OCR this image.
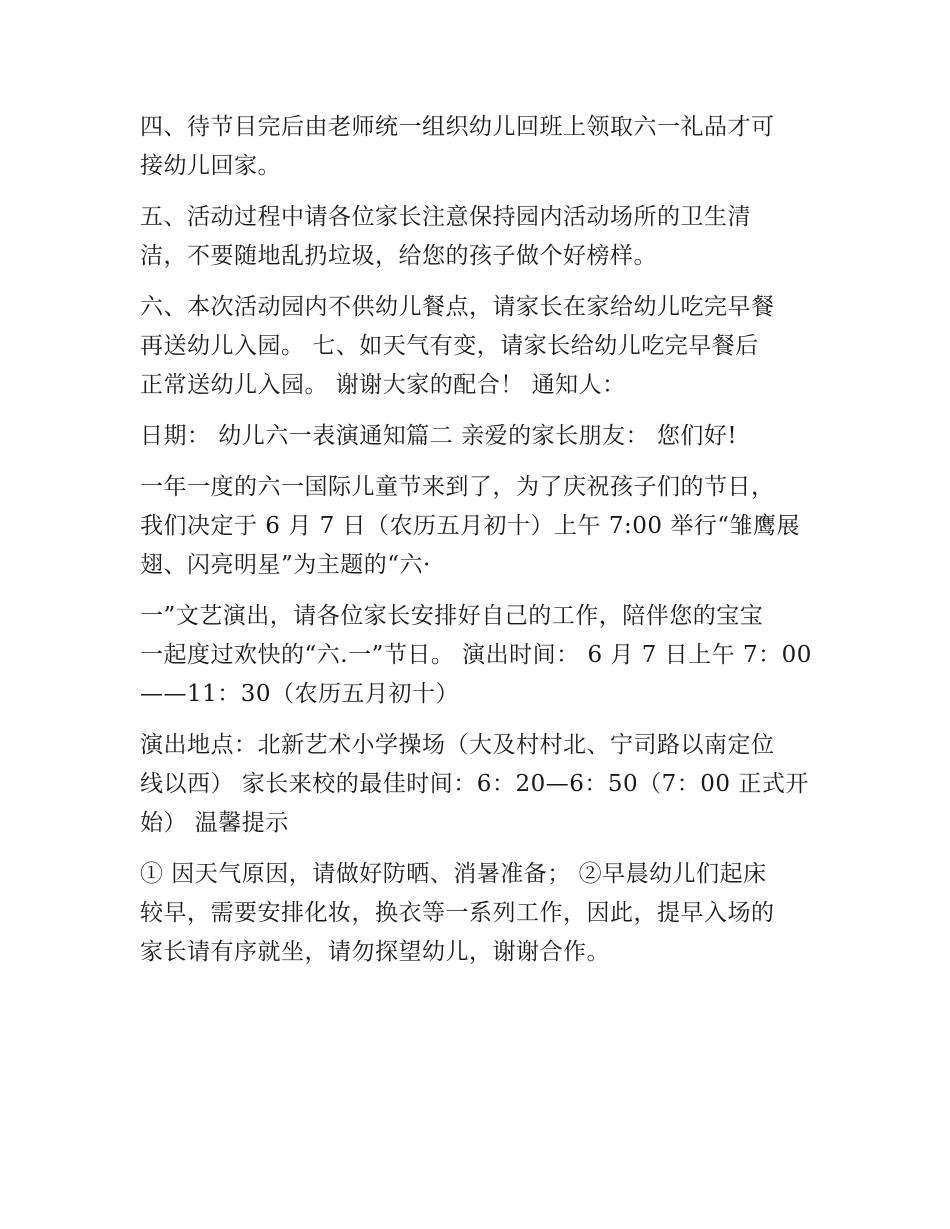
四、待节目完后由老师统一组织幼儿回班上领取六一礼品才可
接幼儿回家。
五、活动过程中请各位家长注意保持园内活动场所的卫生清
洁，不要随地乱扔垃圾，给您的孩子做个好榜样。
六、本次活动园内不供幼儿餐点，请家长在家给幼儿吃完早餐
再送幼儿入园。 七、如天气有变，请家长给幼儿吃完早餐后
正常送幼儿入园。 谢谢大家的配合！ 通知人：
日期： 幼儿六一表演通知篇二 亲爱的家长朋友： 您们好!
一年一度的六一国际儿童节来到了，为了庆祝孩子们的节日，
我们决定于 6 月 7 日（农历五月初十）上午 7:00 举行“雏鹰展
翅、闪亮明星”为主题的“六·
一”文艺演出，请各位家长安排好自己的工作，陪伴您的宝宝
一起度过欢快的“六.一”节日。 演出时间： 6 月 7 日上午 7：00
——11：30（农历五月初十）
演出地点：北新艺术小学操场（大及村村北、宁司路以南定位
线以西） 家长来校的最佳时间：6：20—6：50（7：00 正式开
始） 温馨提示
① 因天气原因，请做好防晒、消暑准备； ②早晨幼儿们起床
较早，需要安排化妆，换衣等一系列工作，因此，提早入场的
家长请有序就坐，请勿探望幼儿，谢谢合作。
